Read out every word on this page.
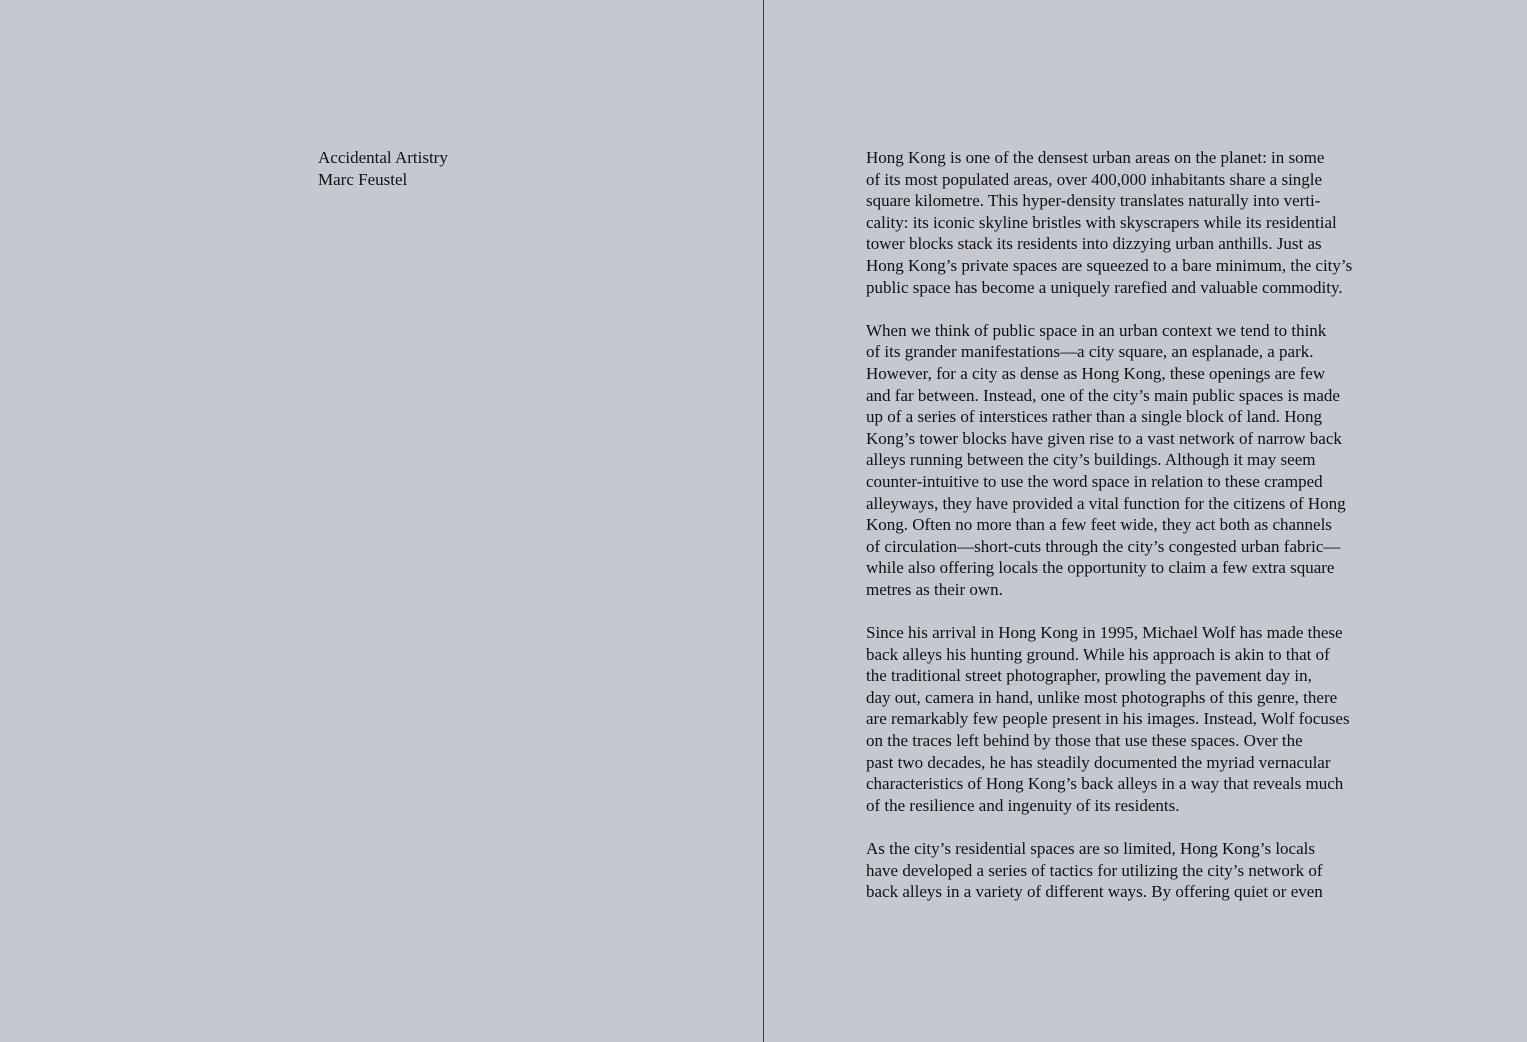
Accidental Artistry
Marc Feustel
Hong Kong is one of the densest urban areas on the planet: in some
of its most populated areas, over 400,000 inhabitants share a single
square kilometre. This hyper-density translates naturally into verti-
cality: its iconic skyline bristles with skyscrapers while its residential
tower blocks stack its residents into dizzying urban anthills. Just as
Hong Kong’s private spaces are squeezed to a bare minimum, the city’s
public space has become a uniquely rarefied and valuable commodity.
When we think of public space in an urban context we tend to think
of its grander manifestations—a city square, an esplanade, a park.
However, for a city as dense as Hong Kong, these openings are few
and far between. Instead, one of the city’s main public spaces is made
up of a series of interstices rather than a single block of land. Hong
Kong’s tower blocks have given rise to a vast network of narrow back
alleys running between the city’s buildings. Although it may seem
counter-intuitive to use the word space in relation to these cramped
alleyways, they have provided a vital function for the citizens of Hong
Kong. Often no more than a few feet wide, they act both as channels
of circulation—short-cuts through the city’s congested urban fabric—
while also offering locals the opportunity to claim a few extra square
metres as their own.
Since his arrival in Hong Kong in 1995, Michael Wolf has made these
back alleys his hunting ground. While his approach is akin to that of
the traditional street photographer, prowling the pavement day in,
day out, camera in hand, unlike most photographs of this genre, there
are remarkably few people present in his images. Instead, Wolf focuses
on the traces left behind by those that use these spaces. Over the
past two decades, he has steadily documented the myriad vernacular
characteristics of Hong Kong’s back alleys in a way that reveals much
of the resilience and ingenuity of its residents.
As the city’s residential spaces are so limited, Hong Kong’s locals
have developed a series of tactics for utilizing the city’s network of
back alleys in a variety of different ways. By offering quiet or even
